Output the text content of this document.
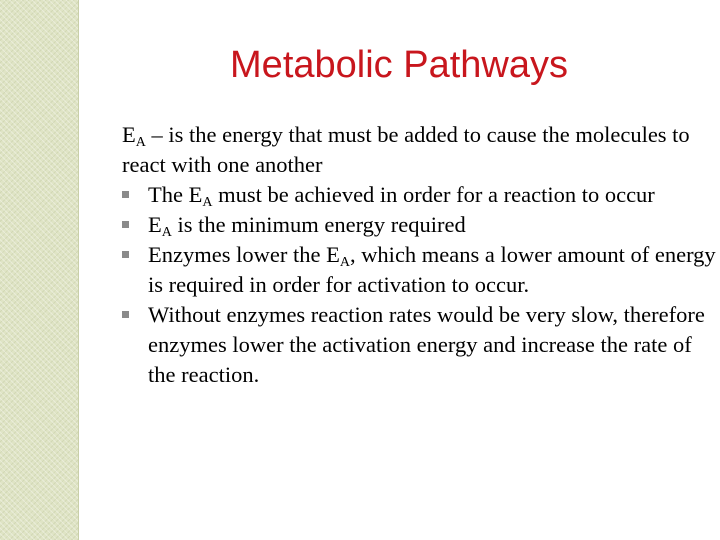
Metabolic Pathways

$E_A$ – is the energy that must be added to cause the molecules to react with one another

The $E_A$ must be achieved in order for a reaction to occur
$E_A$ is the minimum energy required
Enzymes lower the $E_A$, which means a lower amount of energy is required in order for activation to occur.
Without enzymes reaction rates would be very slow, therefore enzymes lower the activation energy and increase the rate of the reaction.
